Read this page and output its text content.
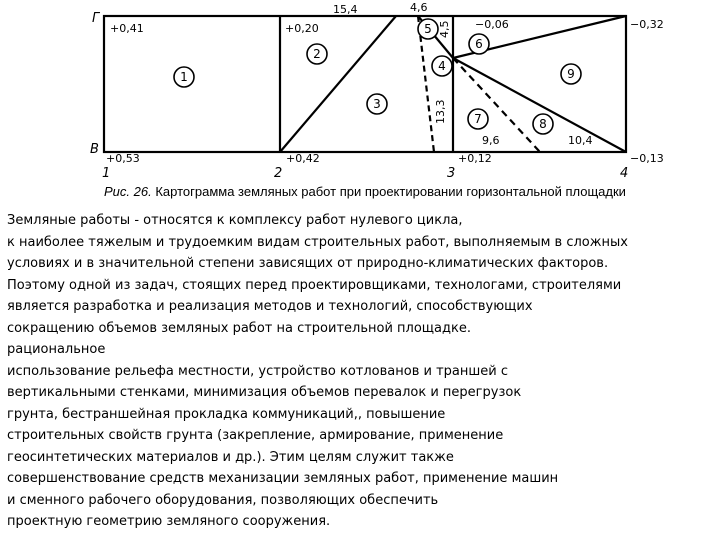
1
2
3
4
5
6
7	8
9
Г
В
1	2	3	4
+0,41	+0,20
15,4	4,6
−0,06	−0,32
+0,53	+0,42	+0,12	−0,13
9,6	10,4
4,5
13,3
Рис. 26. Картограмма земляных работ при проектировании горизонтальной площадки
Земляные работы - относятся к комплексу работ нулевого цикла,
к наиболее тяжелым и трудоемким видам строительных работ, выполняемым в сложных
условиях и в значительной степени зависящих от природно-климатических факторов.
Поэтому одной из задач, стоящих перед проектировщиками, технологами, строителями
является разработка и реализация методов и технологий, способствующих
сокращению объемов земляных работ на строительной площадке.
рациональное
использование рельефа местности, устройство котлованов и траншей с
вертикальными стенками, минимизация объемов перевалок и перегрузок
грунта, бестраншейная прокладка коммуникаций,, повышение
строительных свойств грунта (закрепление, армирование, применение
геосинтетических материалов и др.). Этим целям служит также
совершенствование средств механизации земляных работ, применение машин
и сменного рабочего оборудования, позволяющих обеспечить
проектную геометрию земляного сооружения.
